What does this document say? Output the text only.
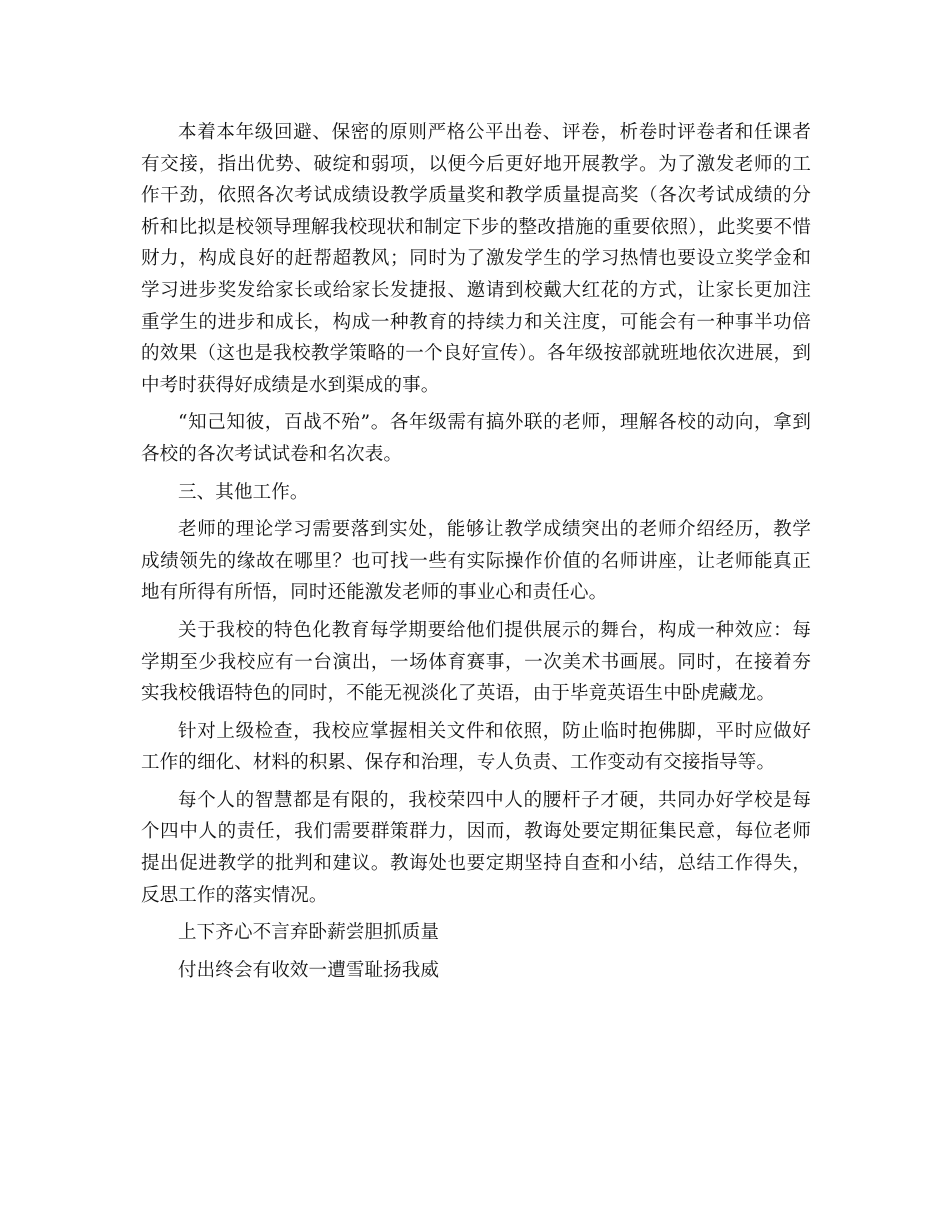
本着本年级回避、保密的原则严格公平出卷、评卷，析卷时评卷者和任课者有交接，指出优势、破绽和弱项，以便今后更好地开展教学。为了激发老师的工作干劲，依照各次考试成绩设教学质量奖和教学质量提高奖（各次考试成绩的分析和比拟是校领导理解我校现状和制定下步的整改措施的重要依照），此奖要不惜财力，构成良好的赶帮超教风；同时为了激发学生的学习热情也要设立奖学金和学习进步奖发给家长或给家长发捷报、邀请到校戴大红花的方式，让家长更加注重学生的进步和成长，构成一种教育的持续力和关注度，可能会有一种事半功倍的效果（这也是我校教学策略的一个良好宣传）。各年级按部就班地依次进展，到中考时获得好成绩是水到渠成的事。

“知己知彼，百战不殆”。各年级需有搞外联的老师，理解各校的动向，拿到各校的各次考试试卷和名次表。

三、其他工作。

老师的理论学习需要落到实处，能够让教学成绩突出的老师介绍经历，教学成绩领先的缘故在哪里？也可找一些有实际操作价值的名师讲座，让老师能真正地有所得有所悟，同时还能激发老师的事业心和责任心。

关于我校的特色化教育每学期要给他们提供展示的舞台，构成一种效应：每学期至少我校应有一台演出，一场体育赛事，一次美术书画展。同时，在接着夯实我校俄语特色的同时，不能无视淡化了英语，由于毕竟英语生中卧虎藏龙。

针对上级检查，我校应掌握相关文件和依照，防止临时抱佛脚，平时应做好工作的细化、材料的积累、保存和治理，专人负责、工作变动有交接指导等。

每个人的智慧都是有限的，我校荣四中人的腰杆子才硬，共同办好学校是每个四中人的责任，我们需要群策群力，因而，教诲处要定期征集民意，每位老师提出促进教学的批判和建议。教诲处也要定期坚持自查和小结，总结工作得失，反思工作的落实情况。

上下齐心不言弃卧薪尝胆抓质量

付出终会有收效一遭雪耻扬我威
